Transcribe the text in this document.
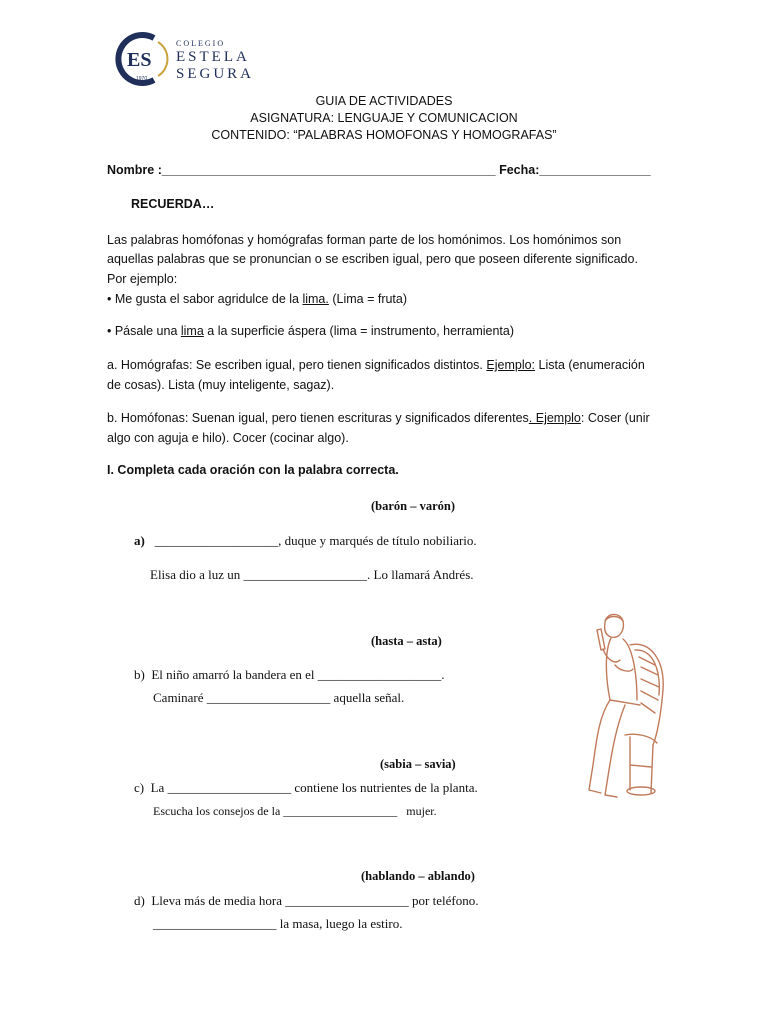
ES
1970
COLEGIO
ESTELA
SEGURA
GUIA DE ACTIVIDADES
ASIGNATURA: LENGUAJE Y COMUNICACION
CONTENIDO: “PALABRAS HOMOFONAS Y HOMOGRAFAS”
Nombre :________________________________________________ Fecha:________________
RECUERDA…
Las palabras homófonas y homógrafas forman parte de los homónimos. Los homónimos son
aquellas palabras que se pronuncian o se escriben igual, pero que poseen diferente significado.
Por ejemplo:
• Me gusta el sabor agridulce de la lima. (Lima = fruta)
• Pásale una lima a la superficie áspera (lima = instrumento, herramienta)
a. Homógrafas: Se escriben igual, pero tienen significados distintos. Ejemplo: Lista (enumeración
de cosas). Lista (muy inteligente, sagaz).
b. Homófonas: Suenan igual, pero tienen escrituras y significados diferentes. Ejemplo: Coser (unir
algo con aguja e hilo). Cocer (cocinar algo).
I. Completa cada oración con la palabra correcta.
(barón – varón)
a) ___________________, duque y marqués de título nobiliario.
Elisa dio a luz un ___________________. Lo llamará Andrés.
(hasta – asta)
b) El niño amarró la bandera en el ___________________.
Caminaré ___________________ aquella señal.
(sabia – savia)
c) La ___________________ contiene los nutrientes de la planta.
Escucha los consejos de la ___________________   mujer.
(hablando – ablando)
d) Lleva más de media hora ___________________ por teléfono.
___________________ la masa, luego la estiro.
